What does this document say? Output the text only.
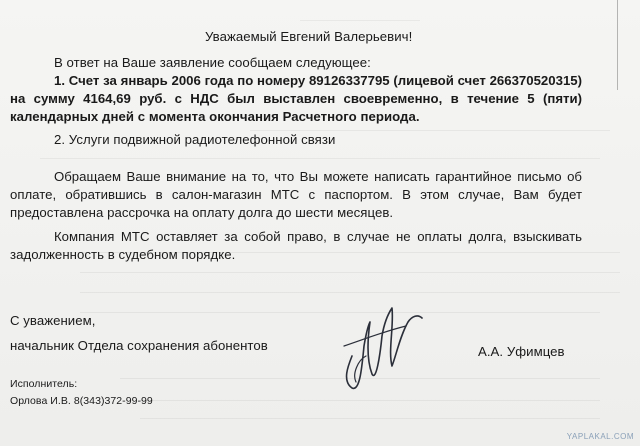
Уважаемый Евгений Валерьевич!
В ответ на Ваше заявление сообщаем следующее:
1. Счет за январь 2006 года по номеру 89126337795 (лицевой счет 266370520315)
на сумму 4164,69 руб. с НДС был выставлен своевременно, в течение 5 (пяти)
календарных дней с момента окончания Расчетного периода.
2. Услуги подвижной радиотелефонной связи
Обращаем Ваше внимание на то, что Вы можете написать гарантийное письмо об
оплате, обратившись в салон-магазин МТС с паспортом. В этом случае, Вам будет
предоставлена рассрочка на оплату долга до шести месяцев.
Компания МТС оставляет за собой право, в случае не оплаты долга, взыскивать
задолженность в судебном порядке.
С уважением,
начальник Отдела сохранения абонентов	А.А. Уфимцев
Исполнитель:
Орлова И.В. 8(343)372-99-99
YAPLAKAL.COM
